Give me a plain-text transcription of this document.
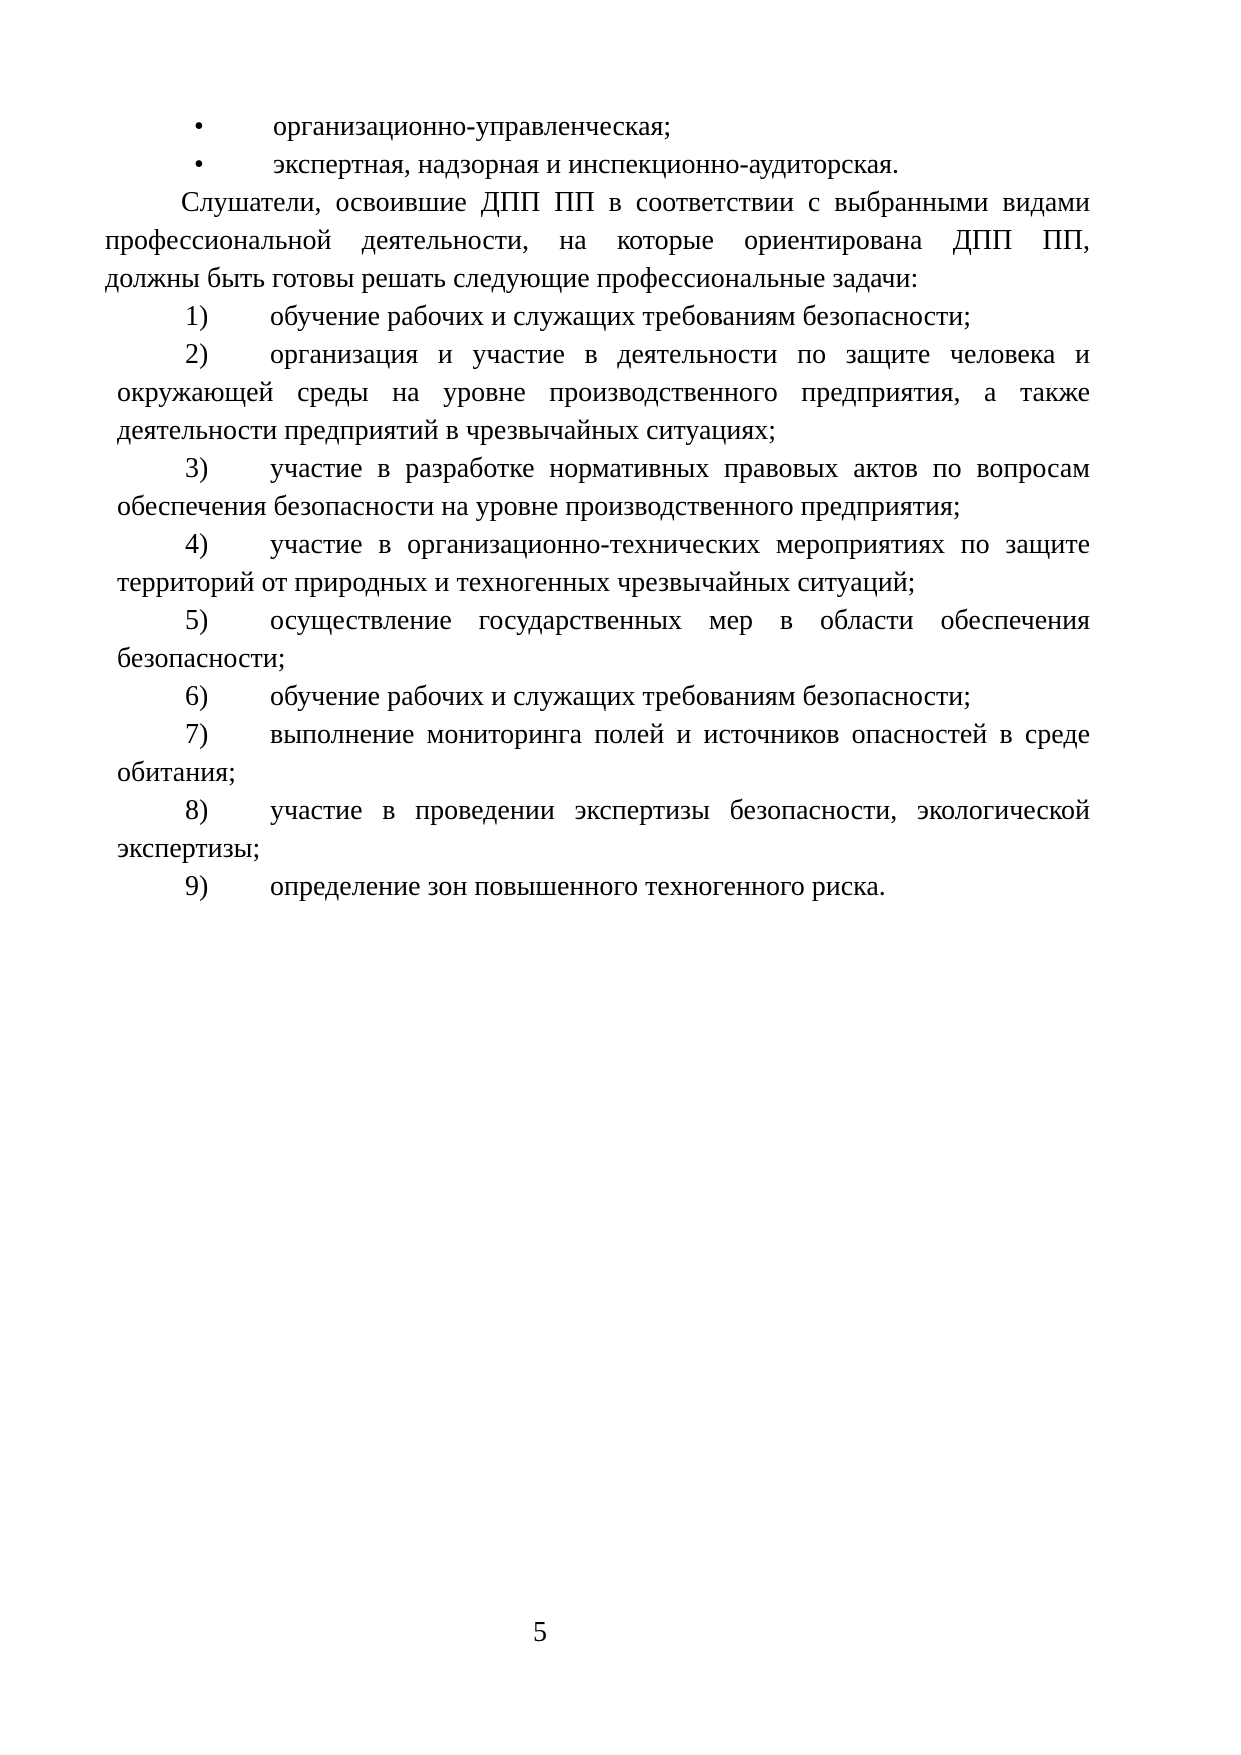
• организационно-управленческая;
• экспертная, надзорная и инспекционно-аудиторская.
Слушатели, освоившие ДПП ПП в соответствии с выбранными видами
профессиональной деятельности, на которые ориентирована ДПП ПП,
должны быть готовы решать следующие профессиональные задачи:
1) обучение рабочих и служащих требованиям безопасности;
2) организация и участие в деятельности по защите человека и
окружающей среды на уровне производственного предприятия, а также
деятельности предприятий в чрезвычайных ситуациях;
3) участие в разработке нормативных правовых актов по вопросам
обеспечения безопасности на уровне производственного предприятия;
4) участие в организационно-технических мероприятиях по защите
территорий от природных и техногенных чрезвычайных ситуаций;
5) осуществление государственных мер в области обеспечения
безопасности;
6) обучение рабочих и служащих требованиям безопасности;
7) выполнение мониторинга полей и источников опасностей в среде
обитания;
8) участие в проведении экспертизы безопасности, экологической
экспертизы;
9) определение зон повышенного техногенного риска.
5
